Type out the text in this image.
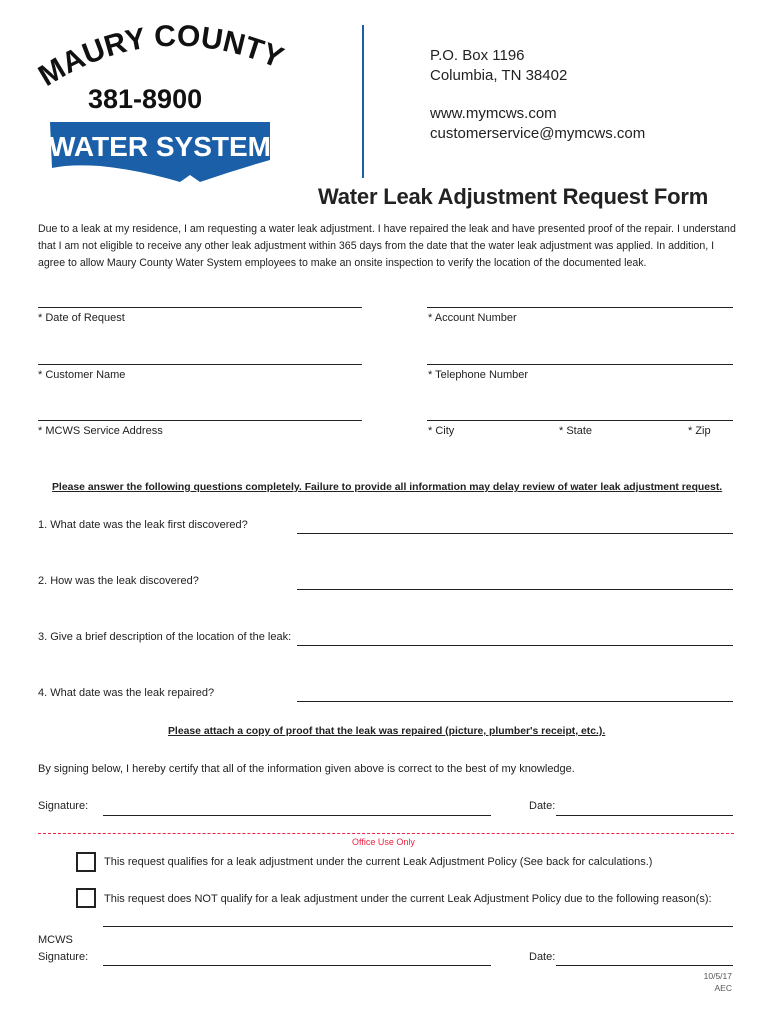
MAURY COUNTY
381-8900
WATER SYSTEM
P.O. Box 1196
Columbia, TN 38402
www.mymcws.com
customerservice@mymcws.com
Water Leak Adjustment Request Form
Due to a leak at my residence, I am requesting a water leak adjustment. I have repaired the leak and have presented proof of the repair. I understand that I am not eligible to receive any other leak adjustment within 365 days from the date that the water leak adjustment was applied. In addition, I agree to allow Maury County Water System employees to make an onsite inspection to verify the location of the documented leak.
* Date of Request	* Account Number
* Customer Name	* Telephone Number
* MCWS Service Address	* City	* State	* Zip
Please answer the following questions completely. Failure to provide all information may delay review of water leak adjustment request.
1. What date was the leak first discovered?
2. How was the leak discovered?
3. Give a brief description of the location of the leak:
4. What date was the leak repaired?
Please attach a copy of proof that the leak was repaired (picture, plumber's receipt, etc.).
By signing below, I hereby certify that all of the information given above is correct to the best of my knowledge.
Signature:	Date:
Office Use Only
This request qualifies for a leak adjustment under the current Leak Adjustment Policy (See back for calculations.)
This request does NOT qualify for a leak adjustment under the current Leak Adjustment Policy due to the following reason(s):
MCWS
Signature:	Date:
10/5/17
AEC
